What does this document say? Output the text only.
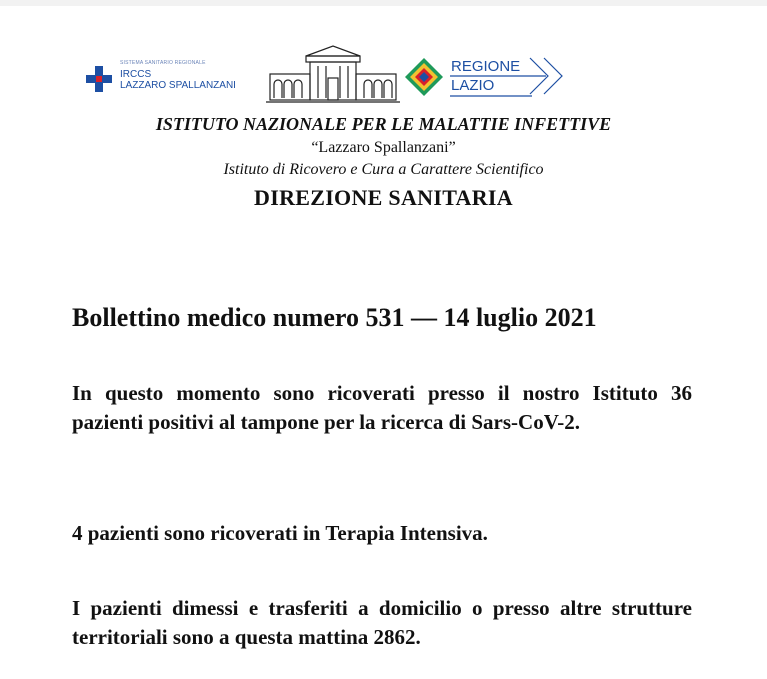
SISTEMA SANITARIO REGIONALE
IRCCS
LAZZARO SPALLANZANI
REGIONE
LAZIO

ISTITUTO NAZIONALE PER LE MALATTIE INFETTIVE

“Lazzaro Spallanzani”

Istituto di Ricovero e Cura a Carattere Scientifico

DIREZIONE SANITARIA

Bollettino medico numero 531 — 14 luglio 2021

In questo momento sono ricoverati presso il nostro Istituto 36 pazienti positivi al tampone per la ricerca di Sars-CoV-2.

4 pazienti sono ricoverati in Terapia Intensiva.

I pazienti dimessi e trasferiti a domicilio o presso altre strutture territoriali sono a questa mattina 2862.
